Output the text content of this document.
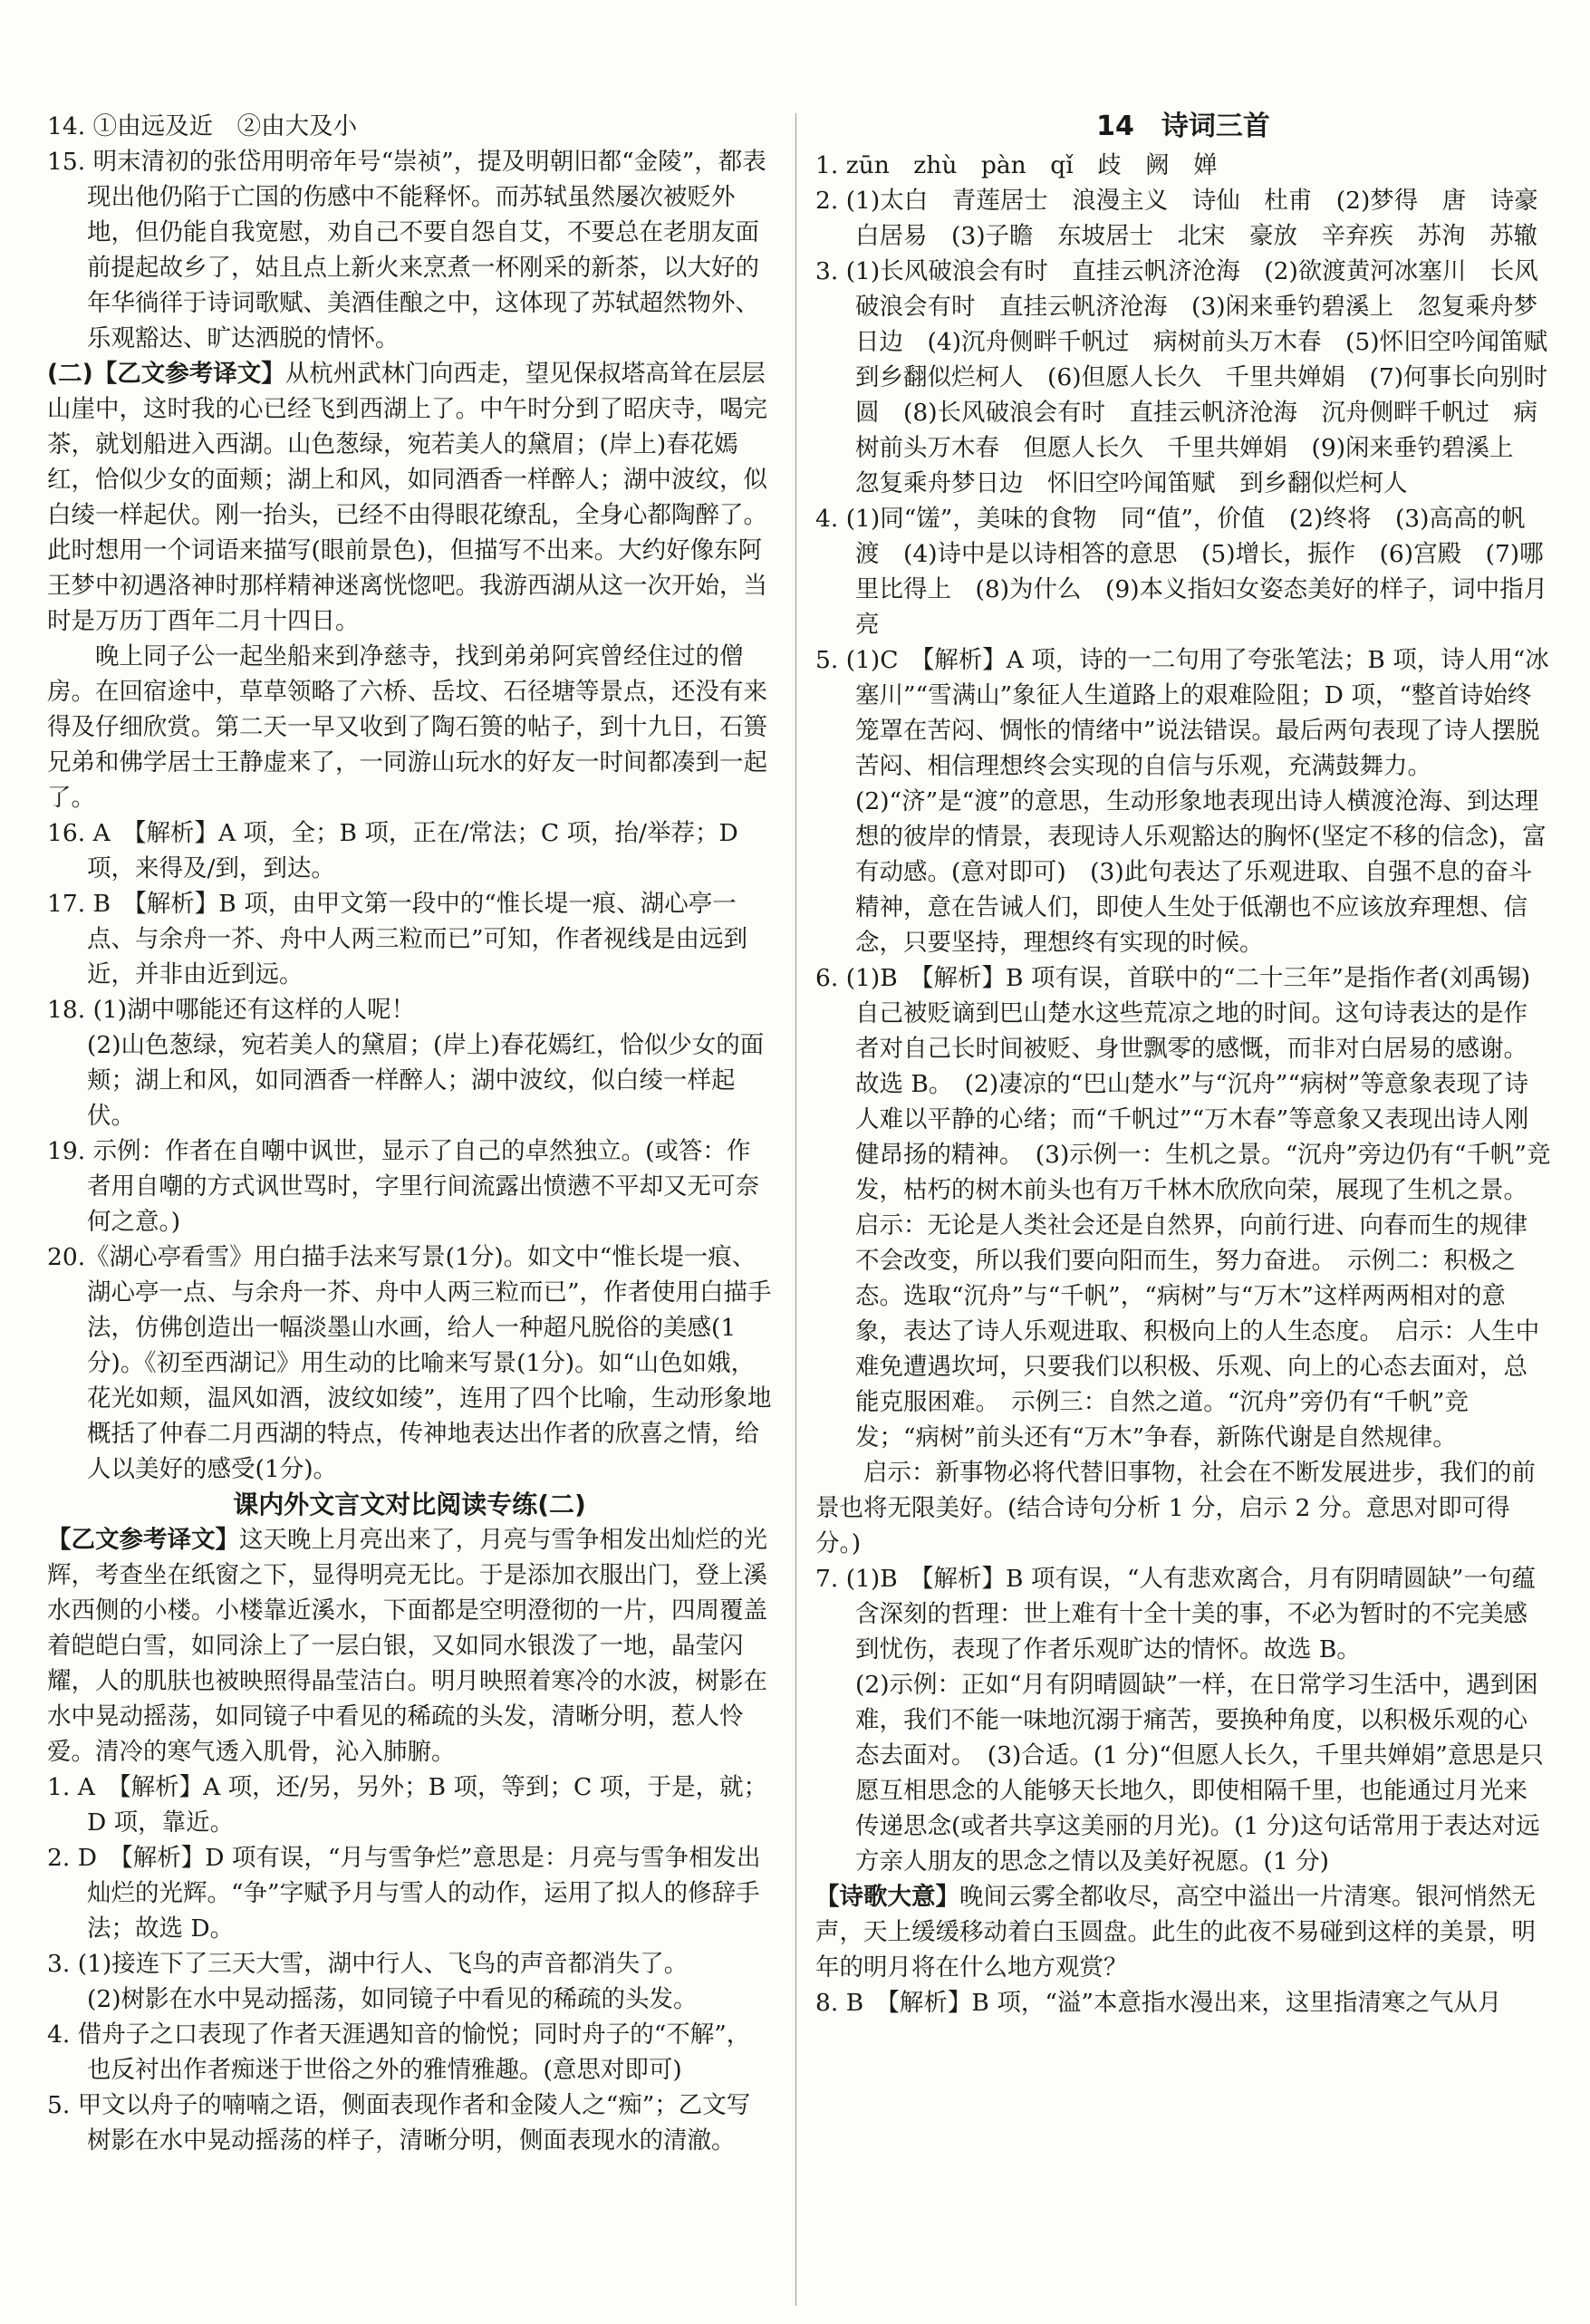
14. ①由远及近　②由大及小

15. 明末清初的张岱用明帝年号“崇祯”，提及明朝旧都“金陵”，都表现出他仍陷于亡国的伤感中不能释怀。而苏轼虽然屡次被贬外地，但仍能自我宽慰，劝自己不要自怨自艾，不要总在老朋友面前提起故乡了，姑且点上新火来烹煮一杯刚采的新茶，以大好的年华徜徉于诗词歌赋、美酒佳酿之中，这体现了苏轼超然物外、乐观豁达、旷达洒脱的情怀。

(二)【乙文参考译文】从杭州武林门向西走，望见保叔塔高耸在层层山崖中，这时我的心已经飞到西湖上了。中午时分到了昭庆寺，喝完茶，就划船进入西湖。山色葱绿，宛若美人的黛眉；(岸上)春花嫣红，恰似少女的面颊；湖上和风，如同酒香一样醉人；湖中波纹，似白绫一样起伏。刚一抬头，已经不由得眼花缭乱，全身心都陶醉了。此时想用一个词语来描写(眼前景色)，但描写不出来。大约好像东阿王梦中初遇洛神时那样精神迷离恍惚吧。我游西湖从这一次开始，当时是万历丁酉年二月十四日。

晚上同子公一起坐船来到净慈寺，找到弟弟阿宾曾经住过的僧房。在回宿途中，草草领略了六桥、岳坟、石径塘等景点，还没有来得及仔细欣赏。第二天一早又收到了陶石篑的帖子，到十九日，石篑兄弟和佛学居士王静虚来了，一同游山玩水的好友一时间都凑到一起了。

16. A　【解析】A 项，全；B 项，正在/常法；C 项，抬/举荐；D 项，来得及/到，到达。

17. B　【解析】B 项，由甲文第一段中的“惟长堤一痕、湖心亭一点、与余舟一芥、舟中人两三粒而已”可知，作者视线是由远到近，并非由近到远。

18. (1)湖中哪能还有这样的人呢！

(2)山色葱绿，宛若美人的黛眉；(岸上)春花嫣红，恰似少女的面颊；湖上和风，如同酒香一样醉人；湖中波纹，似白绫一样起伏。

19. 示例：作者在自嘲中讽世，显示了自己的卓然独立。(或答：作者用自嘲的方式讽世骂时，字里行间流露出愤懑不平却又无可奈何之意。)

20.《湖心亭看雪》用白描手法来写景(1分)。如文中“惟长堤一痕、湖心亭一点、与余舟一芥、舟中人两三粒而已”，作者使用白描手法，仿佛创造出一幅淡墨山水画，给人一种超凡脱俗的美感(1分)。《初至西湖记》用生动的比喻来写景(1分)。如“山色如娥，花光如颊，温风如酒，波纹如绫”，连用了四个比喻，生动形象地概括了仲春二月西湖的特点，传神地表达出作者的欣喜之情，给人以美好的感受(1分)。

课内外文言文对比阅读专练(二)

【乙文参考译文】这天晚上月亮出来了，月亮与雪争相发出灿烂的光辉，考查坐在纸窗之下，显得明亮无比。于是添加衣服出门，登上溪水西侧的小楼。小楼靠近溪水，下面都是空明澄彻的一片，四周覆盖着皑皑白雪，如同涂上了一层白银，又如同水银泼了一地，晶莹闪耀，人的肌肤也被映照得晶莹洁白。明月映照着寒冷的水波，树影在水中晃动摇荡，如同镜子中看见的稀疏的头发，清晰分明，惹人怜爱。清冷的寒气透入肌骨，沁入肺腑。

1. A　【解析】A 项，还/另，另外；B 项，等到；C 项，于是，就；D 项，靠近。

2. D　【解析】D 项有误，“月与雪争烂”意思是：月亮与雪争相发出灿烂的光辉。“争”字赋予月与雪人的动作，运用了拟人的修辞手法；故选 D。

3. (1)接连下了三天大雪，湖中行人、飞鸟的声音都消失了。

(2)树影在水中晃动摇荡，如同镜子中看见的稀疏的头发。

4. 借舟子之口表现了作者天涯遇知音的愉悦；同时舟子的“不解”，也反衬出作者痴迷于世俗之外的雅情雅趣。(意思对即可)

5. 甲文以舟子的喃喃之语，侧面表现作者和金陵人之“痴”；乙文写树影在水中晃动摇荡的样子，清晰分明，侧面表现水的清澈。

14　诗词三首

1. zūn　zhù　pàn　qǐ　歧　阙　婵

2. (1)太白　青莲居士　浪漫主义　诗仙　杜甫　(2)梦得　唐　诗豪　白居易　(3)子瞻　东坡居士　北宋　豪放　辛弃疾　苏洵　苏辙

3. (1)长风破浪会有时　直挂云帆济沧海　(2)欲渡黄河冰塞川　长风破浪会有时　直挂云帆济沧海　(3)闲来垂钓碧溪上　忽复乘舟梦日边　(4)沉舟侧畔千帆过　病树前头万木春　(5)怀旧空吟闻笛赋　到乡翻似烂柯人　(6)但愿人长久　千里共婵娟　(7)何事长向别时圆　(8)长风破浪会有时　直挂云帆济沧海　沉舟侧畔千帆过　病树前头万木春　但愿人长久　千里共婵娟　(9)闲来垂钓碧溪上　忽复乘舟梦日边　怀旧空吟闻笛赋　到乡翻似烂柯人

4. (1)同“馐”，美味的食物　同“值”，价值　(2)终将　(3)高高的帆　渡　(4)诗中是以诗相答的意思　(5)增长，振作　(6)宫殿　(7)哪里比得上　(8)为什么　(9)本义指妇女姿态美好的样子，词中指月亮

5. (1)C　【解析】A 项，诗的一二句用了夸张笔法；B 项，诗人用“冰塞川”“雪满山”象征人生道路上的艰难险阻；D 项，“整首诗始终笼罩在苦闷、惆怅的情绪中”说法错误。最后两句表现了诗人摆脱苦闷、相信理想终会实现的自信与乐观，充满鼓舞力。　(2)“济”是“渡”的意思，生动形象地表现出诗人横渡沧海、到达理想的彼岸的情景，表现诗人乐观豁达的胸怀(坚定不移的信念)，富有动感。(意对即可)　(3)此句表达了乐观进取、自强不息的奋斗精神，意在告诫人们，即使人生处于低潮也不应该放弃理想、信念，只要坚持，理想终有实现的时候。

6. (1)B　【解析】B 项有误，首联中的“二十三年”是指作者(刘禹锡)自己被贬谪到巴山楚水这些荒凉之地的时间。这句诗表达的是作者对自己长时间被贬、身世飘零的感慨，而非对白居易的感谢。故选 B。　(2)凄凉的“巴山楚水”与“沉舟”“病树”等意象表现了诗人难以平静的心绪；而“千帆过”“万木春”等意象又表现出诗人刚健昂扬的精神。　(3)示例一：生机之景。“沉舟”旁边仍有“千帆”竞发，枯朽的树木前头也有万千林木欣欣向荣，展现了生机之景。　启示：无论是人类社会还是自然界，向前行进、向春而生的规律不会改变，所以我们要向阳而生，努力奋进。　示例二：积极之态。选取“沉舟”与“千帆”，“病树”与“万木”这样两两相对的意象，表达了诗人乐观进取、积极向上的人生态度。　启示：人生中难免遭遇坎坷，只要我们以积极、乐观、向上的心态去面对，总能克服困难。　示例三：自然之道。“沉舟”旁仍有“千帆”竞发；“病树”前头还有“万木”争春，新陈代谢是自然规律。

启示：新事物必将代替旧事物，社会在不断发展进步，我们的前景也将无限美好。(结合诗句分析 1 分，启示 2 分。意思对即可得分。)

7. (1)B　【解析】B 项有误，“人有悲欢离合，月有阴晴圆缺”一句蕴含深刻的哲理：世上难有十全十美的事，不必为暂时的不完美感到忧伤，表现了作者乐观旷达的情怀。故选 B。

(2)示例：正如“月有阴晴圆缺”一样，在日常学习生活中，遇到困难，我们不能一味地沉溺于痛苦，要换种角度，以积极乐观的心态去面对。　(3)合适。(1 分)“但愿人长久，千里共婵娟”意思是只愿互相思念的人能够天长地久，即使相隔千里，也能通过月光来传递思念(或者共享这美丽的月光)。(1 分)这句话常用于表达对远方亲人朋友的思念之情以及美好祝愿。(1 分)

【诗歌大意】晚间云雾全都收尽，高空中溢出一片清寒。银河悄然无声，天上缓缓移动着白玉圆盘。此生的此夜不易碰到这样的美景，明年的明月将在什么地方观赏？

8. B　【解析】B 项，“溢”本意指水漫出来，这里指清寒之气从月
